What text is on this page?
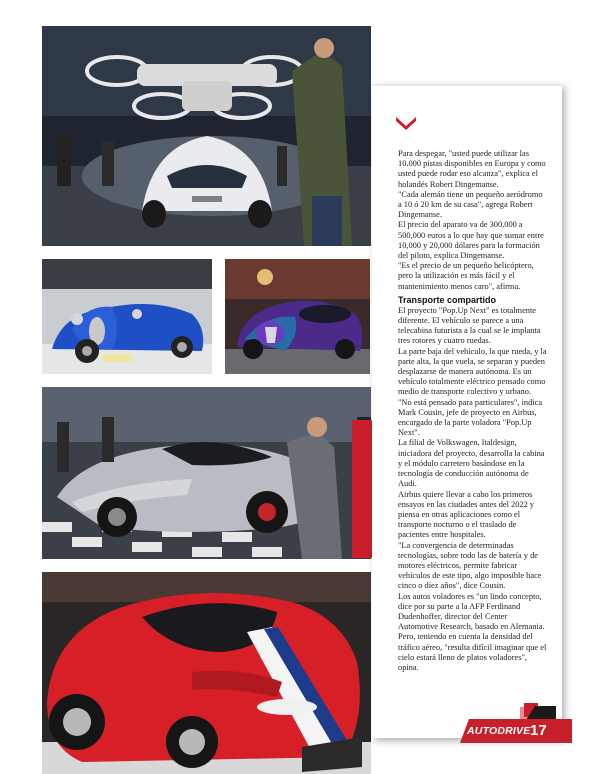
Para despegar, "usted puede utilizar las 10.000 pistas disponibles en Europa y como usted puede rodar eso alcanza", explica el holandés Robert Dingemanse.

"Cada alemán tiene un pequeño aeródromo a 10 ó 20 km de su casa", agrega Robert Dingemanse.

El precio del aparato va de 300,000 a 500,000 euros a lo que hay que sumar entre 10,000 y 20,000 dólares para la formación del piloto, explica Dingemanse.

"Es el precio de un pequeño helicóptero, pero la utilización es más fácil y el mantenimiento menos caro", afirma.

Transporte compartido

El proyecto "Pop.Up Next" es totalmente diferente. El vehículo se parece a una telecabina futurista a la cual se le implanta tres rotores y cuatro ruedas.

La parte baja del vehículo, la que rueda, y la parte alta, la que vuela, se separan y pueden desplazarse de manera autónoma. Es un vehículo totalmente eléctrico pensado como medio de transporte colectivo y urbano.

"No está pensado para particulares", indica Mark Cousin, jefe de proyecto en Airbus, encargado de la parte voladora "Pop.Up Next".

La filial de Volkswagen, Italdesign, iniciadora del proyecto, desarrolla la cabina y el módulo carretero basándose en la tecnología de conducción autónoma de Audi.

Airbus quiere llevar a cabo los primeros ensayos en las ciudades antes del 2022 y piensa en otras aplicaciones como el transporte nocturno o el traslado de pacientes entre hospitales.

"La convergencia de determinadas tecnologías, sobre todo las de batería y de motores eléctricos, permite fabricar vehículos de este tipo, algo imposible hace cinco o diez años", dice Cousin.

Los autos voladores es "un lindo concepto, dice por su parte a la AFP Ferdinand Dudenhoffer, director del Center Automotive Research, basado en Alemania.

Pero, teniendo en cuenta la densidad del tráfico aéreo, "resulta difícil imaginar que el cielo estará lleno de platos voladores", opina.

AUTODRIVE 17
